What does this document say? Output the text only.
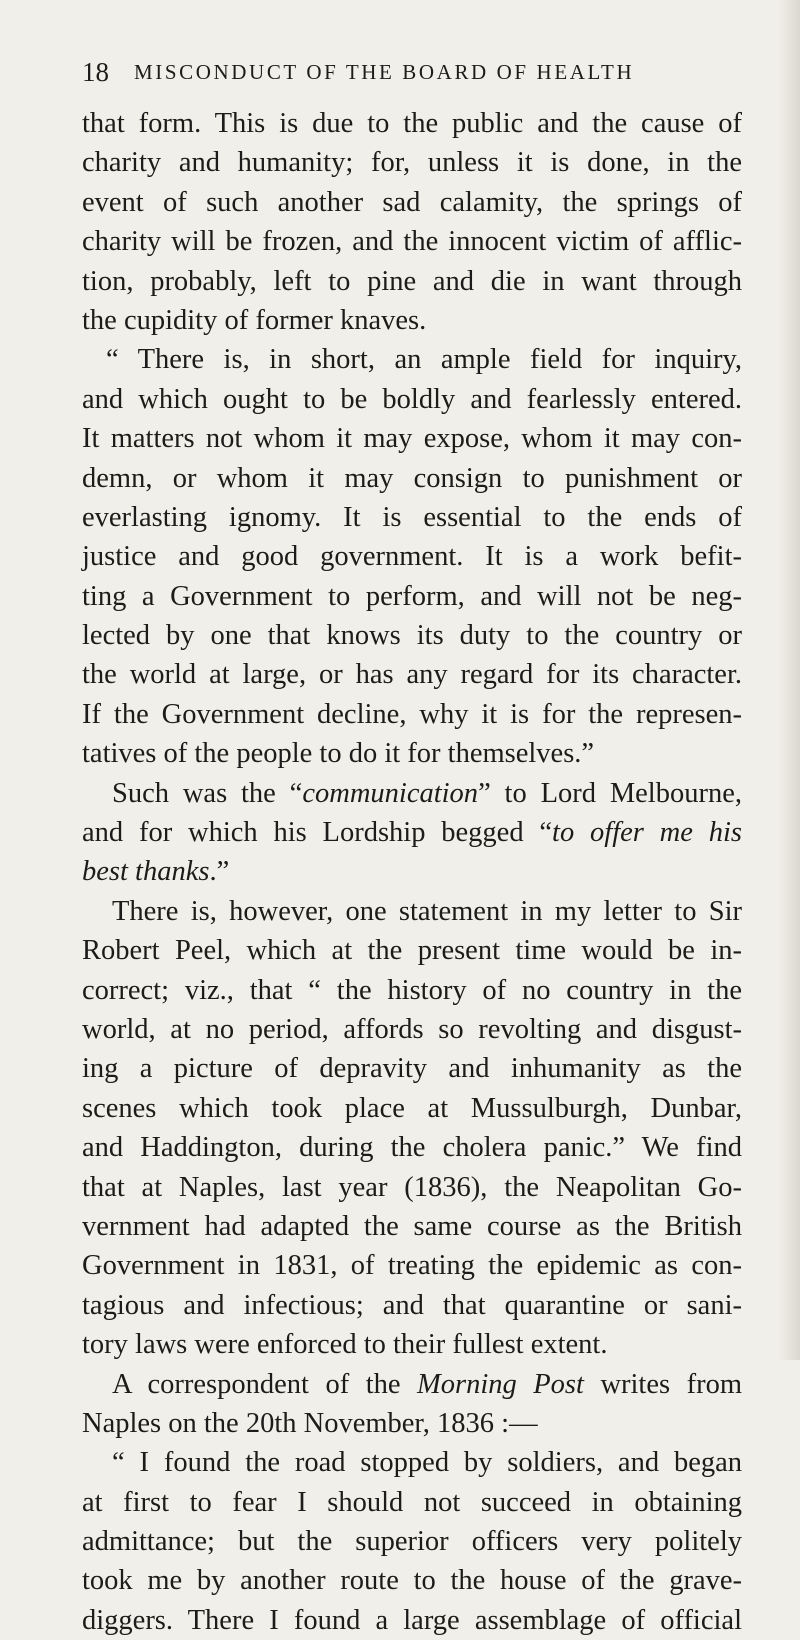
18 MISCONDUCT OF THE BOARD OF HEALTH
that form. This is due to the public and the cause of
charity and humanity; for, unless it is done, in the
event of such another sad calamity, the springs of
charity will be frozen, and the innocent victim of afflic-
tion, probably, left to pine and die in want through
the cupidity of former knaves.
“ There is, in short, an ample field for inquiry,
and which ought to be boldly and fearlessly entered.
It matters not whom it may expose, whom it may con-
demn, or whom it may consign to punishment or
everlasting ignomy. It is essential to the ends of
justice and good government. It is a work befit-
ting a Government to perform, and will not be neg-
lected by one that knows its duty to the country or
the world at large, or has any regard for its character.
If the Government decline, why it is for the represen-
tatives of the people to do it for themselves.”
Such was the “communication” to Lord Melbourne,
and for which his Lordship begged “to offer me his
best thanks.”
There is, however, one statement in my letter to Sir
Robert Peel, which at the present time would be in-
correct; viz., that “ the history of no country in the
world, at no period, affords so revolting and disgust-
ing a picture of depravity and inhumanity as the
scenes which took place at Mussulburgh, Dunbar,
and Haddington, during the cholera panic.” We find
that at Naples, last year (1836), the Neapolitan Go-
vernment had adapted the same course as the British
Government in 1831, of treating the epidemic as con-
tagious and infectious; and that quarantine or sani-
tory laws were enforced to their fullest extent.
A correspondent of the Morning Post writes from
Naples on the 20th November, 1836 :—
“ I found the road stopped by soldiers, and began
at first to fear I should not succeed in obtaining
admittance; but the superior officers very politely
took me by another route to the house of the grave-
diggers. There I found a large assemblage of official
